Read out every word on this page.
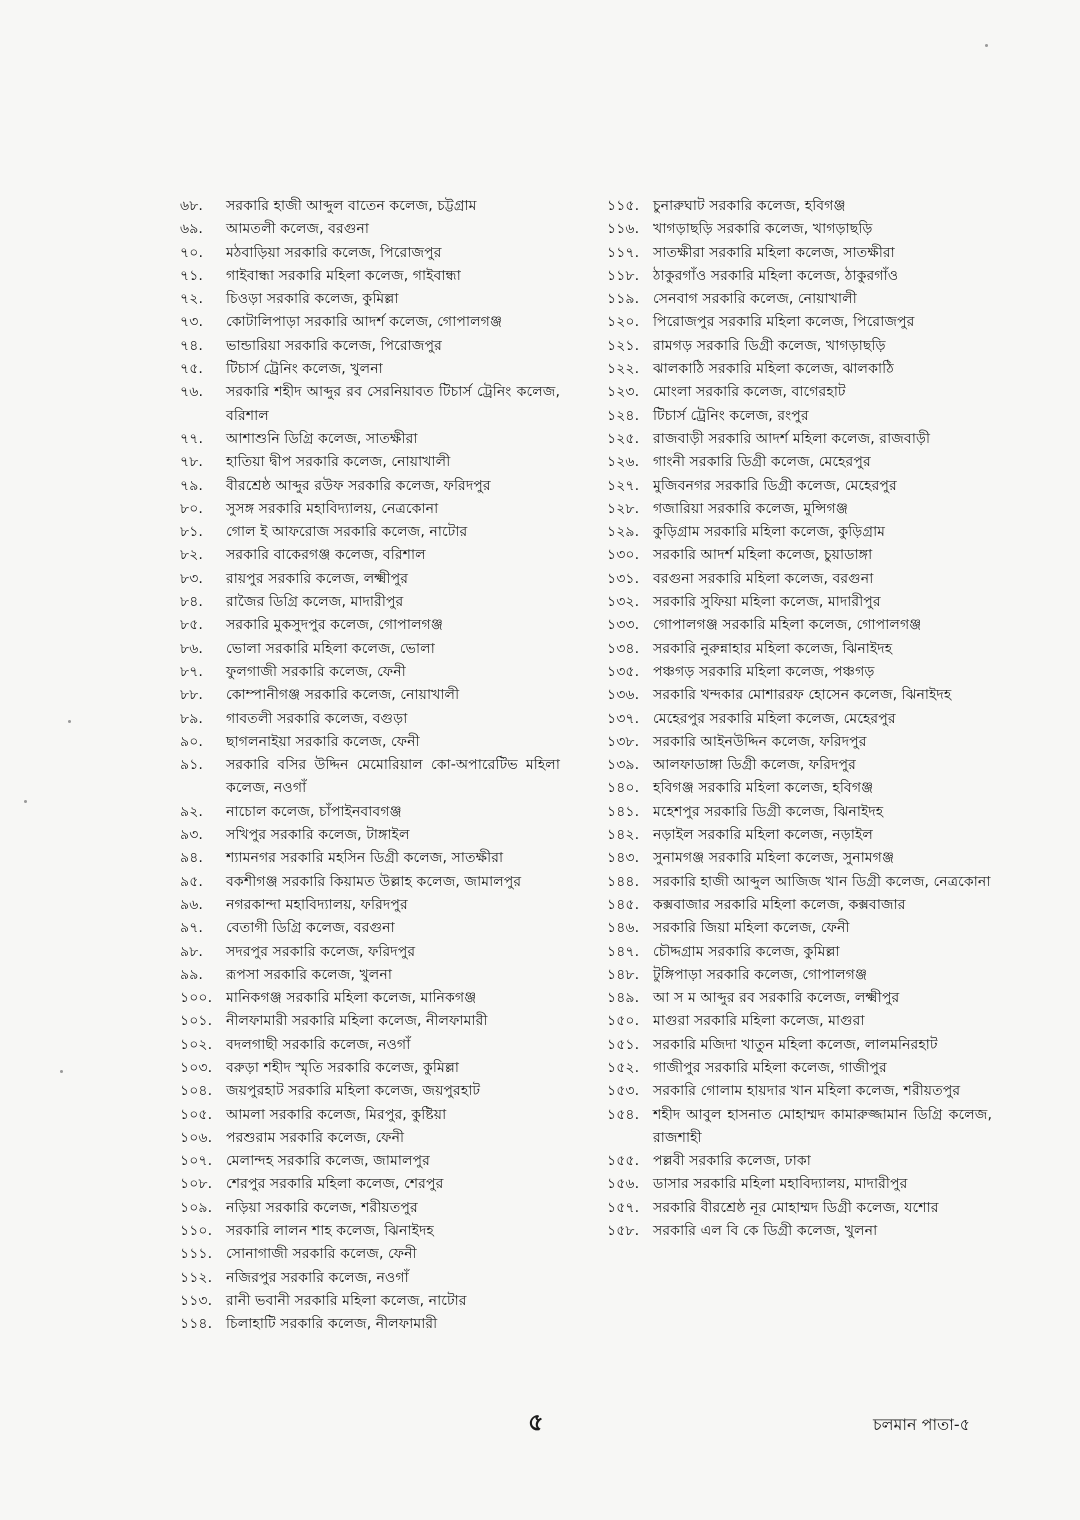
৬৮.	সরকারি হাজী আব্দুল বাতেন কলেজ, চট্টগ্রাম
৬৯.	আমতলী কলেজ, বরগুনা
৭০.	মঠবাড়িয়া সরকারি কলেজ, পিরোজপুর
৭১.	গাইবান্ধা সরকারি মহিলা কলেজ, গাইবান্ধা
৭২.	চিওড়া সরকারি কলেজ, কুমিল্লা
৭৩.	কোটালিপাড়া সরকারি আদর্শ কলেজ, গোপালগঞ্জ
৭৪.	ভান্ডারিয়া সরকারি কলেজ, পিরোজপুর
৭৫.	টিচার্স ট্রেনিং কলেজ, খুলনা
৭৬.	সরকারি শহীদ আব্দুর রব সেরনিয়াবত টিচার্স ট্রেনিং কলেজ, বরিশাল
৭৭.	আশাশুনি ডিগ্রি কলেজ, সাতক্ষীরা
৭৮.	হাতিয়া দ্বীপ সরকারি কলেজ, নোয়াখালী
৭৯.	বীরশ্রেষ্ঠ আব্দুর রউফ সরকারি কলেজ, ফরিদপুর
৮০.	সুসঙ্গ সরকারি মহাবিদ্যালয়, নেত্রকোনা
৮১.	গোল ই আফরোজ সরকারি কলেজ, নাটোর
৮২.	সরকারি বাকেরগঞ্জ কলেজ, বরিশাল
৮৩.	রায়পুর সরকারি কলেজ, লক্ষ্মীপুর
৮৪.	রাজৈর ডিগ্রি কলেজ, মাদারীপুর
৮৫.	সরকারি মুকসুদপুর কলেজ, গোপালগঞ্জ
৮৬.	ভোলা সরকারি মহিলা কলেজ, ভোলা
৮৭.	ফুলগাজী সরকারি কলেজ, ফেনী
৮৮.	কোম্পানীগঞ্জ সরকারি কলেজ, নোয়াখালী
৮৯.	গাবতলী সরকারি কলেজ, বগুড়া
৯০.	ছাগলনাইয়া সরকারি কলেজ, ফেনী
৯১.	সরকারি বসির উদ্দিন মেমোরিয়াল কো-অপারেটিভ মহিলা কলেজ, নওগাঁ
৯২.	নাচোল কলেজ, চাঁপাইনবাবগঞ্জ
৯৩.	সখিপুর সরকারি কলেজ, টাঙ্গাইল
৯৪.	শ্যামনগর সরকারি মহসিন ডিগ্রী কলেজ, সাতক্ষীরা
৯৫.	বকশীগঞ্জ সরকারি কিয়ামত উল্লাহ কলেজ, জামালপুর
৯৬.	নগরকান্দা মহাবিদ্যালয়, ফরিদপুর
৯৭.	বেতাগী ডিগ্রি কলেজ, বরগুনা
৯৮.	সদরপুর সরকারি কলেজ, ফরিদপুর
৯৯.	রূপসা সরকারি কলেজ, খুলনা
১০০. মানিকগঞ্জ সরকারি মহিলা কলেজ, মানিকগঞ্জ
১০১. নীলফামারী সরকারি মহিলা কলেজ, নীলফামারী
১০২. বদলগাছী সরকারি কলেজ, নওগাঁ
১০৩. বরুড়া শহীদ স্মৃতি সরকারি কলেজ, কুমিল্লা
১০৪. জয়পুরহাট সরকারি মহিলা কলেজ, জয়পুরহাট
১০৫. আমলা সরকারি কলেজ, মিরপুর, কুষ্টিয়া
১০৬. পরশুরাম সরকারি কলেজ, ফেনী
১০৭. মেলান্দহ সরকারি কলেজ, জামালপুর
১০৮. শেরপুর সরকারি মহিলা কলেজ, শেরপুর
১০৯. নড়িয়া সরকারি কলেজ, শরীয়তপুর
১১০. সরকারি লালন শাহ কলেজ, ঝিনাইদহ
১১১. সোনাগাজী সরকারি কলেজ, ফেনী
১১২. নজিরপুর সরকারি কলেজ, নওগাঁ
১১৩. রানী ভবানী সরকারি মহিলা কলেজ, নাটোর
১১৪. চিলাহাটি সরকারি কলেজ, নীলফামারী
১১৫. চুনারুঘাট সরকারি কলেজ, হবিগঞ্জ
১১৬. খাগড়াছড়ি সরকারি কলেজ, খাগড়াছড়ি
১১৭. সাতক্ষীরা সরকারি মহিলা কলেজ, সাতক্ষীরা
১১৮. ঠাকুরগাঁও সরকারি মহিলা কলেজ, ঠাকুরগাঁও
১১৯. সেনবাগ সরকারি কলেজ, নোয়াখালী
১২০. পিরোজপুর সরকারি মহিলা কলেজ, পিরোজপুর
১২১. রামগড় সরকারি ডিগ্রী কলেজ, খাগড়াছড়ি
১২২. ঝালকাঠি সরকারি মহিলা কলেজ, ঝালকাঠি
১২৩. মোংলা সরকারি কলেজ, বাগেরহাট
১২৪. টিচার্স ট্রেনিং কলেজ, রংপুর
১২৫. রাজবাড়ী সরকারি আদর্শ মহিলা কলেজ, রাজবাড়ী
১২৬. গাংনী সরকারি ডিগ্রী কলেজ, মেহেরপুর
১২৭. মুজিবনগর সরকারি ডিগ্রী কলেজ, মেহেরপুর
১২৮. গজারিয়া সরকারি কলেজ, মুন্সিগঞ্জ
১২৯. কুড়িগ্রাম সরকারি মহিলা কলেজ, কুড়িগ্রাম
১৩০. সরকারি আদর্শ মহিলা কলেজ, চুয়াডাঙ্গা
১৩১. বরগুনা সরকারি মহিলা কলেজ, বরগুনা
১৩২. সরকারি সুফিয়া মহিলা কলেজ, মাদারীপুর
১৩৩. গোপালগঞ্জ সরকারি মহিলা কলেজ, গোপালগঞ্জ
১৩৪. সরকারি নুরুন্নাহার মহিলা কলেজ, ঝিনাইদহ
১৩৫. পঞ্চগড় সরকারি মহিলা কলেজ, পঞ্চগড়
১৩৬. সরকারি খন্দকার মোশাররফ হোসেন কলেজ, ঝিনাইদহ
১৩৭. মেহেরপুর সরকারি মহিলা কলেজ, মেহেরপুর
১৩৮. সরকারি আইনউদ্দিন কলেজ, ফরিদপুর
১৩৯. আলফাডাঙ্গা ডিগ্রী কলেজ, ফরিদপুর
১৪০. হবিগঞ্জ সরকারি মহিলা কলেজ, হবিগঞ্জ
১৪১. মহেশপুর সরকারি ডিগ্রী কলেজ, ঝিনাইদহ
১৪২. নড়াইল সরকারি মহিলা কলেজ, নড়াইল
১৪৩. সুনামগঞ্জ সরকারি মহিলা কলেজ, সুনামগঞ্জ
১৪৪. সরকারি হাজী আব্দুল আজিজ খান ডিগ্রী কলেজ, নেত্রকোনা
১৪৫. কক্সবাজার সরকারি মহিলা কলেজ, কক্সবাজার
১৪৬. সরকারি জিয়া মহিলা কলেজ, ফেনী
১৪৭. চৌদ্দগ্রাম সরকারি কলেজ, কুমিল্লা
১৪৮. টুঙ্গিপাড়া সরকারি কলেজ, গোপালগঞ্জ
১৪৯. আ স ম আব্দুর রব সরকারি কলেজ, লক্ষ্মীপুর
১৫০. মাগুরা সরকারি মহিলা কলেজ, মাগুরা
১৫১. সরকারি মজিদা খাতুন মহিলা কলেজ, লালমনিরহাট
১৫২. গাজীপুর সরকারি মহিলা কলেজ, গাজীপুর
১৫৩. সরকারি গোলাম হায়দার খান মহিলা কলেজ, শরীয়তপুর
১৫৪. শহীদ আবুল হাসনাত মোহাম্মদ কামারুজ্জামান ডিগ্রি কলেজ, রাজশাহী
১৫৫. পল্লবী সরকারি কলেজ, ঢাকা
১৫৬. ডাসার সরকারি মহিলা মহাবিদ্যালয়, মাদারীপুর
১৫৭. সরকারি বীরশ্রেষ্ঠ নূর মোহাম্মদ ডিগ্রী কলেজ, যশোর
১৫৮. সরকারি এল বি কে ডিগ্রী কলেজ, খুলনা
৫	চলমান পাতা-৫
